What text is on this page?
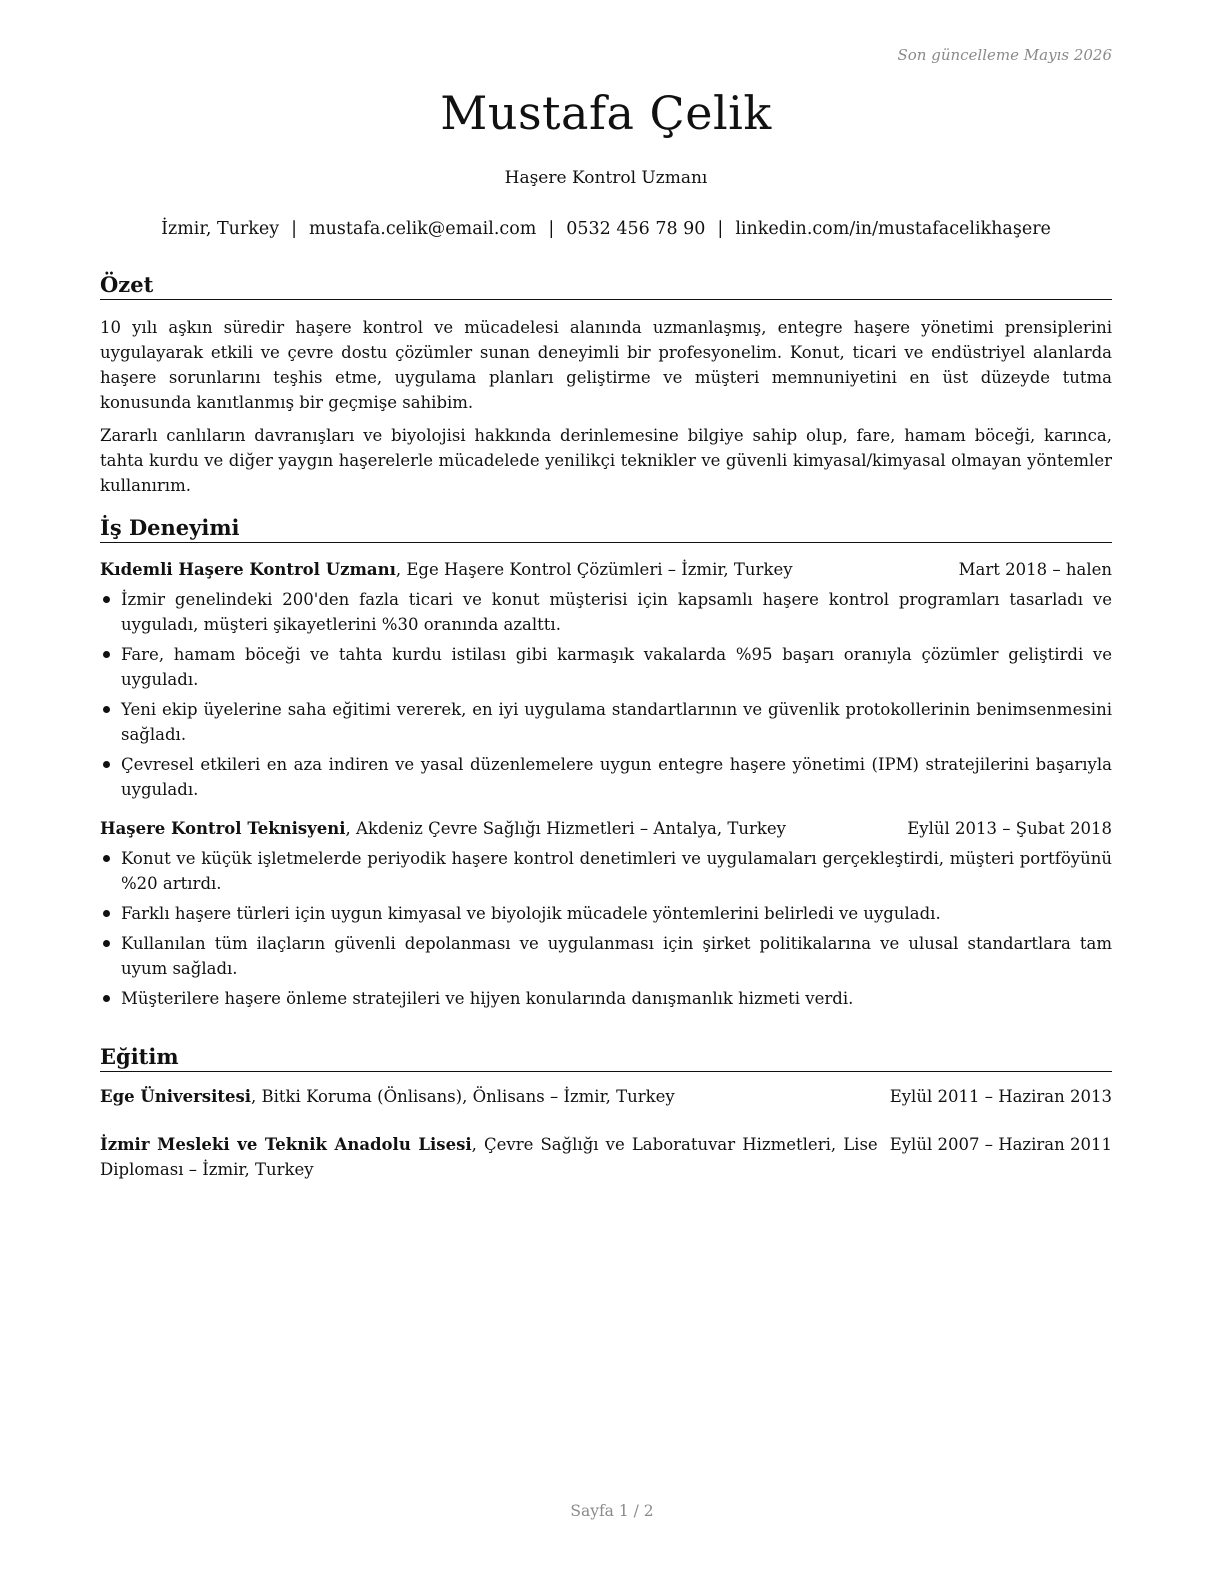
Son güncelleme Mayıs 2026
Mustafa Çelik
Haşere Kontrol Uzmanı
İzmir, Turkey | mustafa.celik@email.com | 0532 456 78 90 | linkedin.com/in/mustafacelikhaşere
Özet

10 yılı aşkın süredir haşere kontrol ve mücadelesi alanında uzmanlaşmış, entegre haşere yönetimi prensiplerini uygulayarak etkili ve çevre dostu çözümler sunan deneyimli bir profesyonelim. Konut, ticari ve endüstriyel alanlarda haşere sorunlarını teşhis etme, uygulama planları geliştirme ve müşteri memnuniyetini en üst düzeyde tutma konusunda kanıtlanmış bir geçmişe sahibim.

Zararlı canlıların davranışları ve biyolojisi hakkında derinlemesine bilgiye sahip olup, fare, hamam böceği, karınca, tahta kurdu ve diğer yaygın haşerelerle mücadelede yenilikçi teknikler ve güvenli kimyasal/kimyasal olmayan yöntemler kullanırım.

İş Deneyimi
Kıdemli Haşere Kontrol Uzmanı, Ege Haşere Kontrol Çözümleri – İzmir, Turkey	Mart 2018 – halen
İzmir genelindeki 200'den fazla ticari ve konut müşterisi için kapsamlı haşere kontrol programları tasarladı ve uyguladı, müşteri şikayetlerini %30 oranında azalttı.
Fare, hamam böceği ve tahta kurdu istilası gibi karmaşık vakalarda %95 başarı oranıyla çözümler geliştirdi ve uyguladı.
Yeni ekip üyelerine saha eğitimi vererek, en iyi uygulama standartlarının ve güvenlik protokollerinin benimsenmesini sağladı.
Çevresel etkileri en aza indiren ve yasal düzenlemelere uygun entegre haşere yönetimi (IPM) stratejilerini başarıyla uyguladı.
Haşere Kontrol Teknisyeni, Akdeniz Çevre Sağlığı Hizmetleri – Antalya, Turkey	Eylül 2013 – Şubat 2018
Konut ve küçük işletmelerde periyodik haşere kontrol denetimleri ve uygulamaları gerçekleştirdi, müşteri portföyünü %20 artırdı.
Farklı haşere türleri için uygun kimyasal ve biyolojik mücadele yöntemlerini belirledi ve uyguladı.
Kullanılan tüm ilaçların güvenli depolanması ve uygulanması için şirket politikalarına ve ulusal standartlara tam uyum sağladı.
Müşterilere haşere önleme stratejileri ve hijyen konularında danışmanlık hizmeti verdi.
Eğitim
Ege Üniversitesi, Bitki Koruma (Önlisans), Önlisans – İzmir, Turkey	Eylül 2011 – Haziran 2013
İzmir Mesleki ve Teknik Anadolu Lisesi, Çevre Sağlığı ve Laboratuvar Hizmetleri, Lise Diploması – İzmir, Turkey
Eylül 2007 – Haziran 2011
Sayfa 1 / 2
